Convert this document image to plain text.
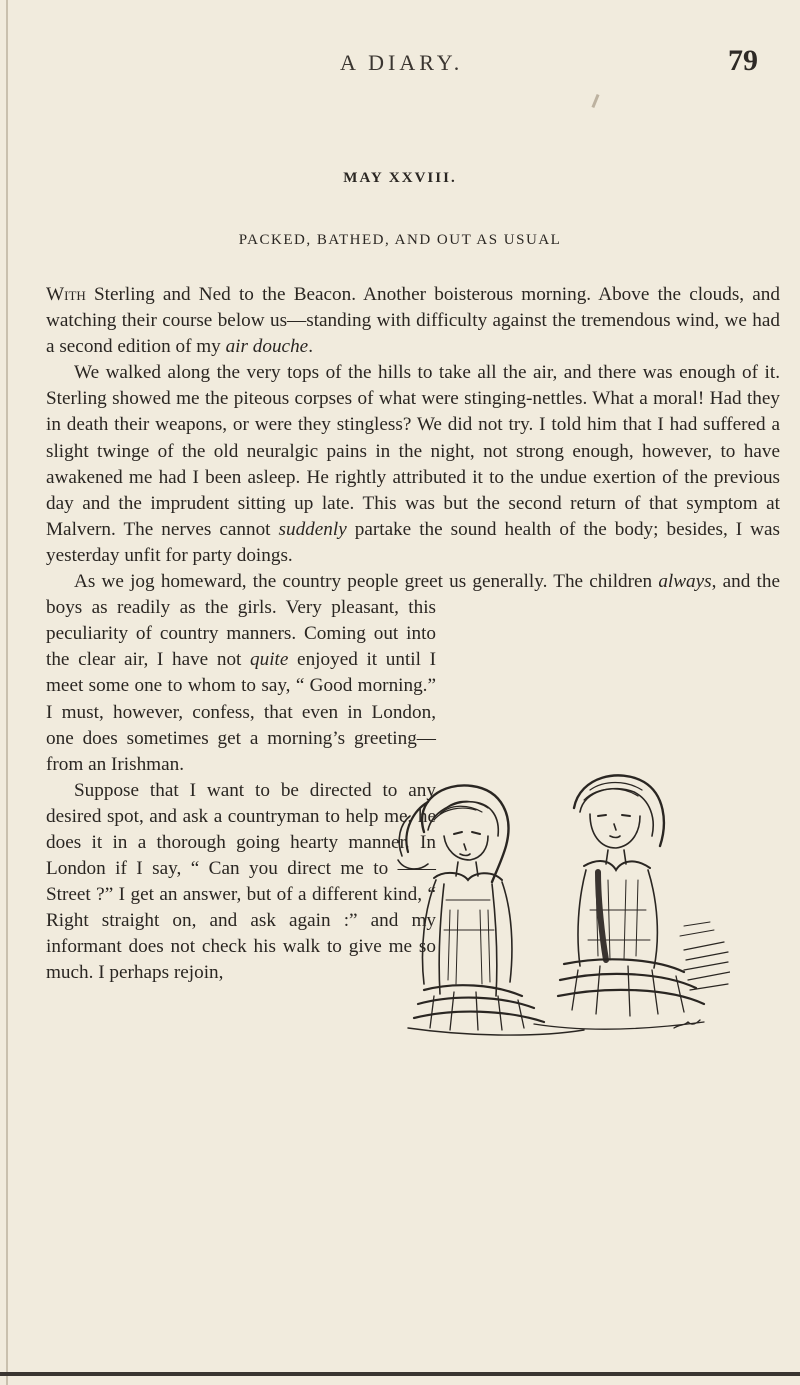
A DIARY.	79
MAY XXVIII.
PACKED, BATHED, AND OUT AS USUAL

With Sterling and Ned to the Beacon. Another boisterous morning. Above the clouds, and watching their course below us—standing with difficulty against the tremendous wind, we had a second edition of my air douche.

We walked along the very tops of the hills to take all the air, and there was enough of it. Sterling showed me the piteous corpses of what were stinging-nettles. What a moral! Had they in death their weapons, or were they stingless? We did not try. I told him that I had suffered a slight twinge of the old neuralgic pains in the night, not strong enough, however, to have awakened me had I been asleep. He rightly attributed it to the undue exertion of the previous day and the imprudent sitting up late. This was but the second return of that symptom at Malvern. The nerves cannot suddenly partake the sound health of the body; besides, I was yesterday unfit for party doings.

As we jog homeward, the country people greet us generally. The children
always, and the boys as readily as the girls. Very pleasant, this peculiarity of country manners. Coming out into the clear air, I have not quite enjoyed it until I meet some one to whom to say, “ Good morning.” I must, however, confess, that even in London, one does sometimes get a morning’s greeting—from an Irishman.

Suppose that I want to be directed to any desired spot, and ask a countryman to help me, he does it in a thorough going hearty manner. In London if I say, “ Can you direct me to —— Street ?” I get an answer, but of a different kind, “ Right straight on, and ask again :” and my informant does not check his walk to give me so much. I perhaps rejoin,
